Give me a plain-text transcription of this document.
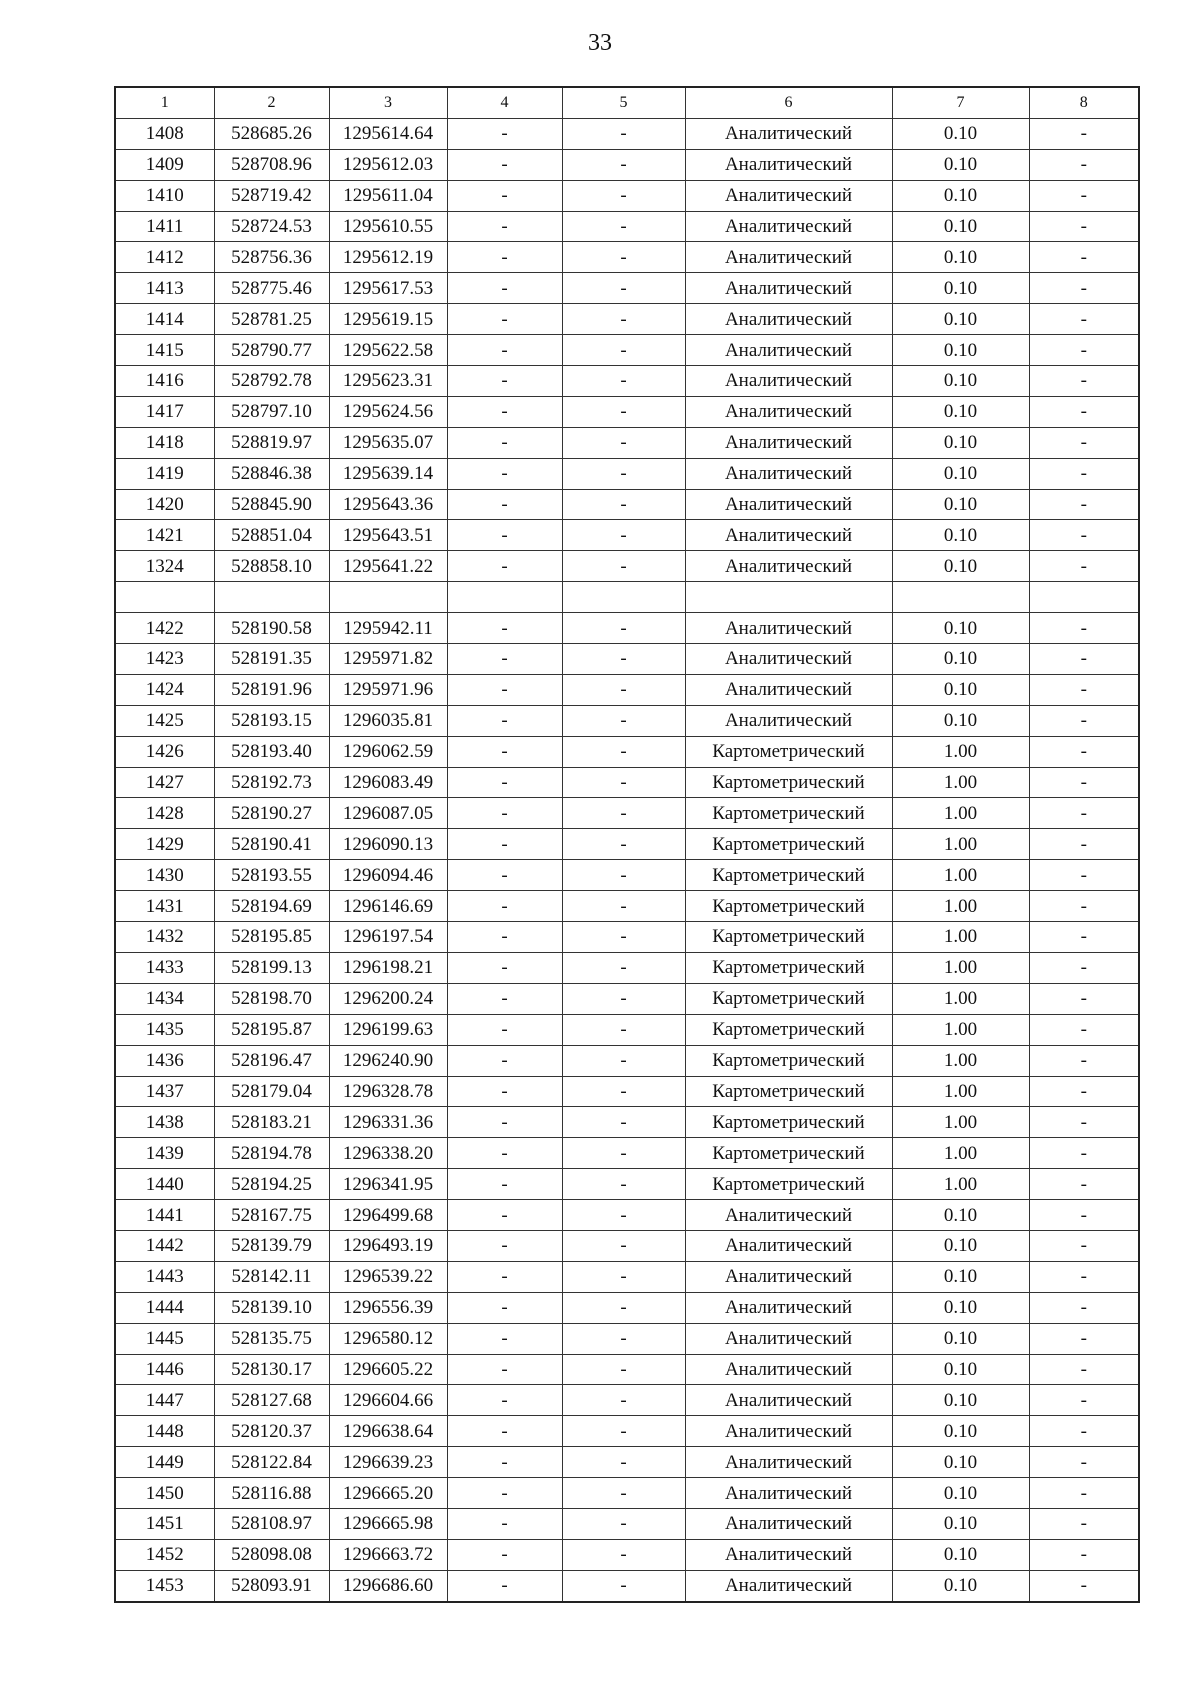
33
1	2	3	4	5	6	7	8
1408	528685.26	1295614.64	-	-	Аналитический	0.10	-
1409	528708.96	1295612.03	-	-	Аналитический	0.10	-
1410	528719.42	1295611.04	-	-	Аналитический	0.10	-
1411	528724.53	1295610.55	-	-	Аналитический	0.10	-
1412	528756.36	1295612.19	-	-	Аналитический	0.10	-
1413	528775.46	1295617.53	-	-	Аналитический	0.10	-
1414	528781.25	1295619.15	-	-	Аналитический	0.10	-
1415	528790.77	1295622.58	-	-	Аналитический	0.10	-
1416	528792.78	1295623.31	-	-	Аналитический	0.10	-
1417	528797.10	1295624.56	-	-	Аналитический	0.10	-
1418	528819.97	1295635.07	-	-	Аналитический	0.10	-
1419	528846.38	1295639.14	-	-	Аналитический	0.10	-
1420	528845.90	1295643.36	-	-	Аналитический	0.10	-
1421	528851.04	1295643.51	-	-	Аналитический	0.10	-
1324	528858.10	1295641.22	-	-	Аналитический	0.10	-

1422	528190.58	1295942.11	-	-	Аналитический	0.10	-
1423	528191.35	1295971.82	-	-	Аналитический	0.10	-
1424	528191.96	1295971.96	-	-	Аналитический	0.10	-
1425	528193.15	1296035.81	-	-	Аналитический	0.10	-
1426	528193.40	1296062.59	-	-	Картометрический	1.00	-
1427	528192.73	1296083.49	-	-	Картометрический	1.00	-
1428	528190.27	1296087.05	-	-	Картометрический	1.00	-
1429	528190.41	1296090.13	-	-	Картометрический	1.00	-
1430	528193.55	1296094.46	-	-	Картометрический	1.00	-
1431	528194.69	1296146.69	-	-	Картометрический	1.00	-
1432	528195.85	1296197.54	-	-	Картометрический	1.00	-
1433	528199.13	1296198.21	-	-	Картометрический	1.00	-
1434	528198.70	1296200.24	-	-	Картометрический	1.00	-
1435	528195.87	1296199.63	-	-	Картометрический	1.00	-
1436	528196.47	1296240.90	-	-	Картометрический	1.00	-
1437	528179.04	1296328.78	-	-	Картометрический	1.00	-
1438	528183.21	1296331.36	-	-	Картометрический	1.00	-
1439	528194.78	1296338.20	-	-	Картометрический	1.00	-
1440	528194.25	1296341.95	-	-	Картометрический	1.00	-
1441	528167.75	1296499.68	-	-	Аналитический	0.10	-
1442	528139.79	1296493.19	-	-	Аналитический	0.10	-
1443	528142.11	1296539.22	-	-	Аналитический	0.10	-
1444	528139.10	1296556.39	-	-	Аналитический	0.10	-
1445	528135.75	1296580.12	-	-	Аналитический	0.10	-
1446	528130.17	1296605.22	-	-	Аналитический	0.10	-
1447	528127.68	1296604.66	-	-	Аналитический	0.10	-
1448	528120.37	1296638.64	-	-	Аналитический	0.10	-
1449	528122.84	1296639.23	-	-	Аналитический	0.10	-
1450	528116.88	1296665.20	-	-	Аналитический	0.10	-
1451	528108.97	1296665.98	-	-	Аналитический	0.10	-
1452	528098.08	1296663.72	-	-	Аналитический	0.10	-
1453	528093.91	1296686.60	-	-	Аналитический	0.10	-
